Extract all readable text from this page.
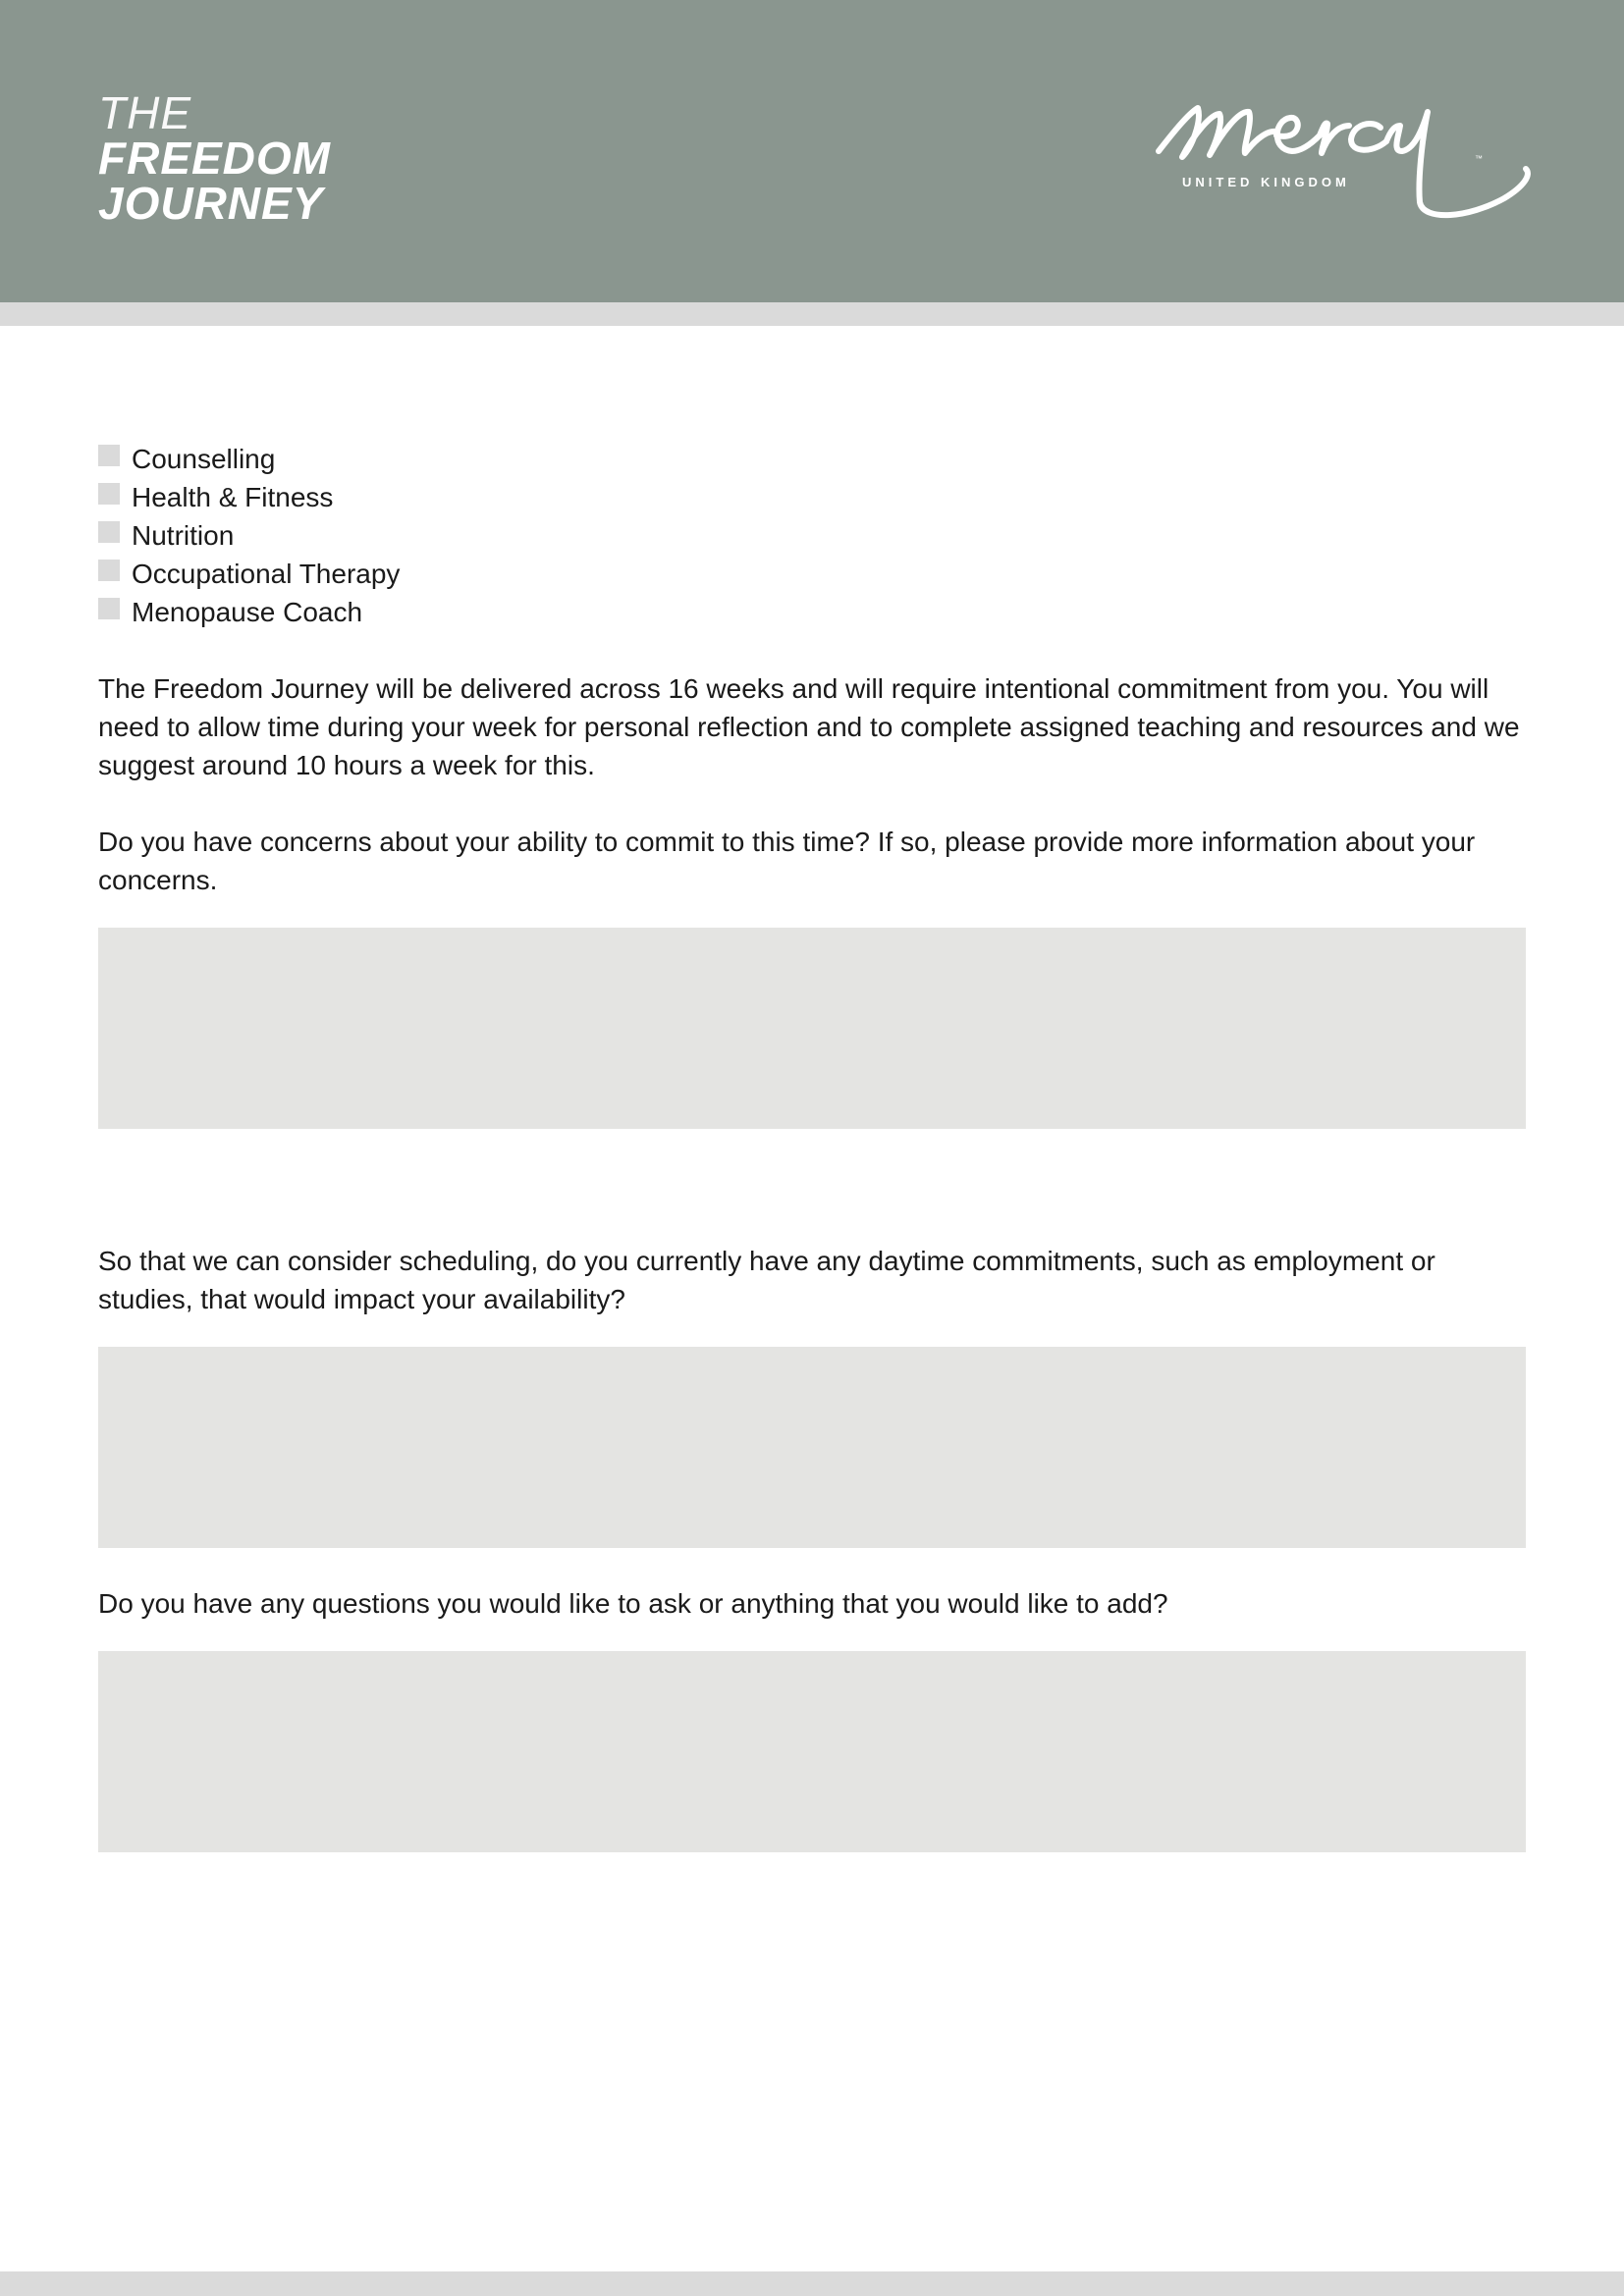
THE
FREEDOM
JOURNEY
™
UNITED KINGDOM
Counselling
Health & Fitness
Nutrition
Occupational Therapy
Menopause Coach

The Freedom Journey will be delivered across 16 weeks and will require intentional commitment from you. You will need to allow time during your week for personal reflection and to complete assigned teaching and resources and we suggest around 10 hours a week for this.

Do you have concerns about your ability to commit to this time? If so, please provide more information about your concerns.

So that we can consider scheduling, do you currently have any daytime commitments, such as employment or studies, that would impact your availability?

Do you have any questions you would like to ask or anything that you would like to add?
